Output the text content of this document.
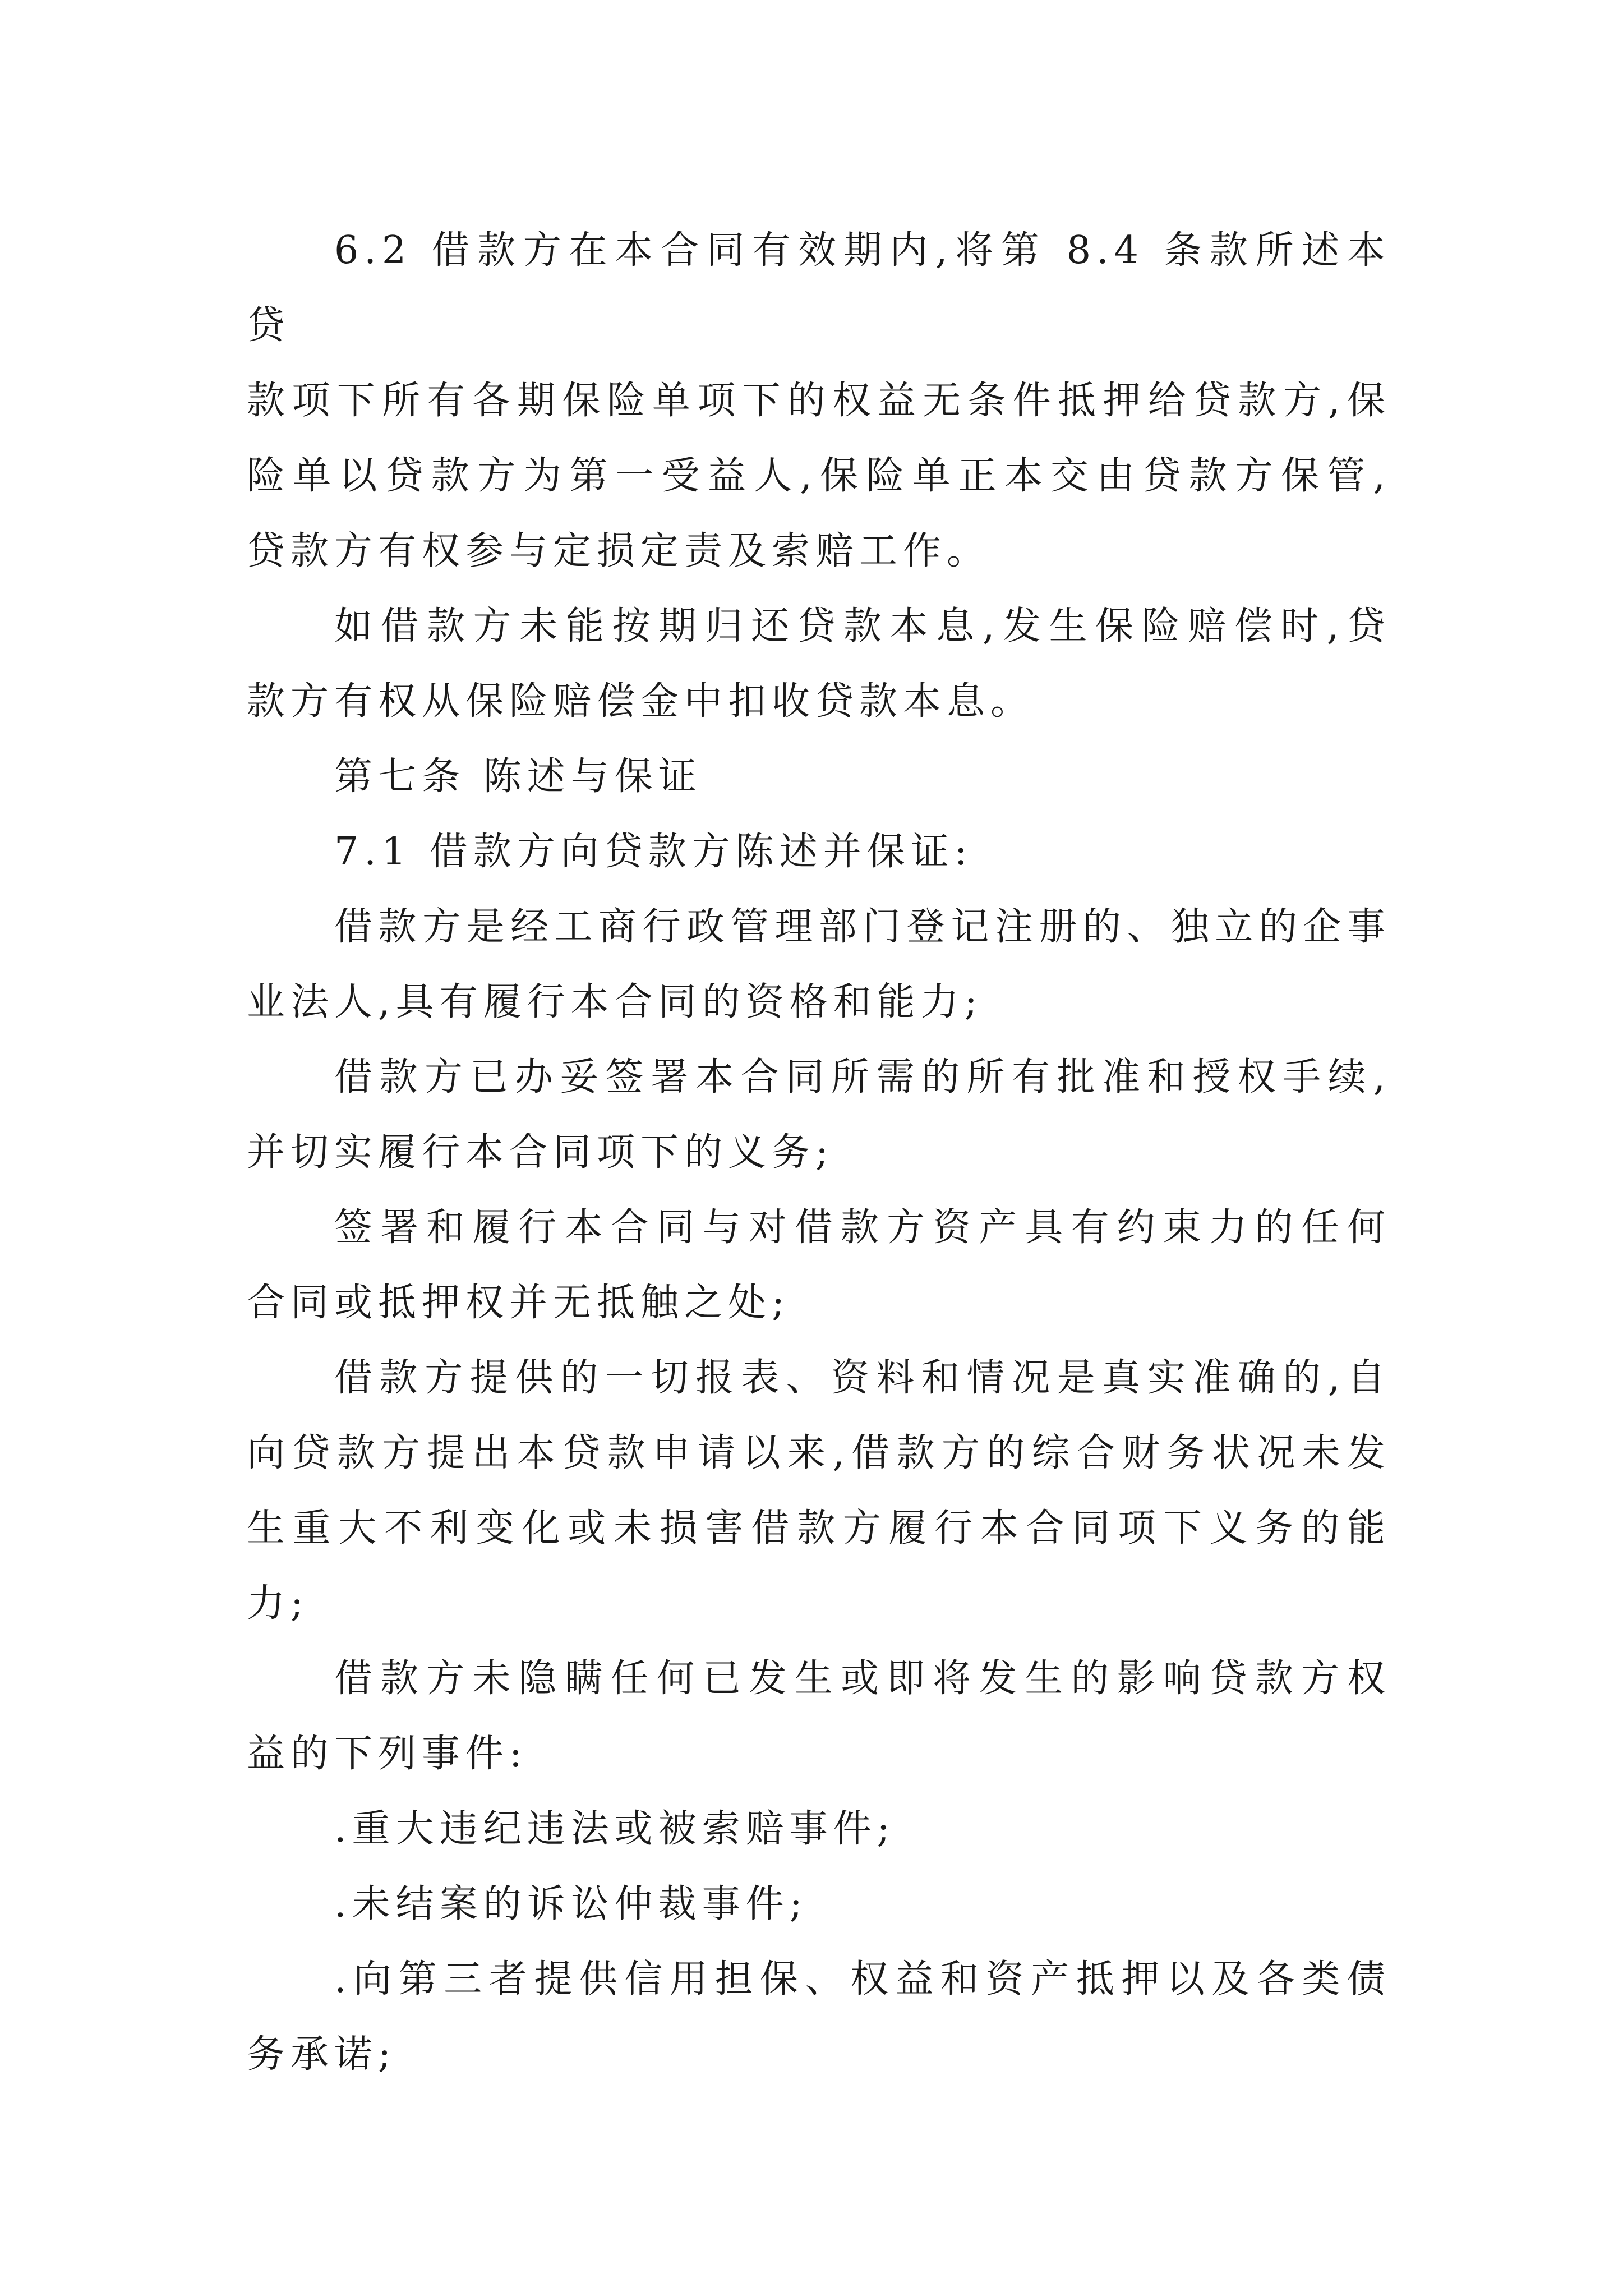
6.2 借款方在本合同有效期内,将第 8.4 条款所述本贷
款项下所有各期保险单项下的权益无条件抵押给贷款方,保
险单以贷款方为第一受益人,保险单正本交由贷款方保管,
贷款方有权参与定损定责及索赔工作。
如借款方未能按期归还贷款本息,发生保险赔偿时,贷
款方有权从保险赔偿金中扣收贷款本息。
第七条 陈述与保证
7.1 借款方向贷款方陈述并保证:
借款方是经工商行政管理部门登记注册的、独立的企事
业法人,具有履行本合同的资格和能力;
借款方已办妥签署本合同所需的所有批准和授权手续,
并切实履行本合同项下的义务;
签署和履行本合同与对借款方资产具有约束力的任何
合同或抵押权并无抵触之处;
借款方提供的一切报表、资料和情况是真实准确的,自
向贷款方提出本贷款申请以来,借款方的综合财务状况未发
生重大不利变化或未损害借款方履行本合同项下义务的能
力;
借款方未隐瞒任何已发生或即将发生的影响贷款方权
益的下列事件:
.重大违纪违法或被索赔事件;
.未结案的诉讼仲裁事件;
.向第三者提供信用担保、权益和资产抵押以及各类债
务承诺;
